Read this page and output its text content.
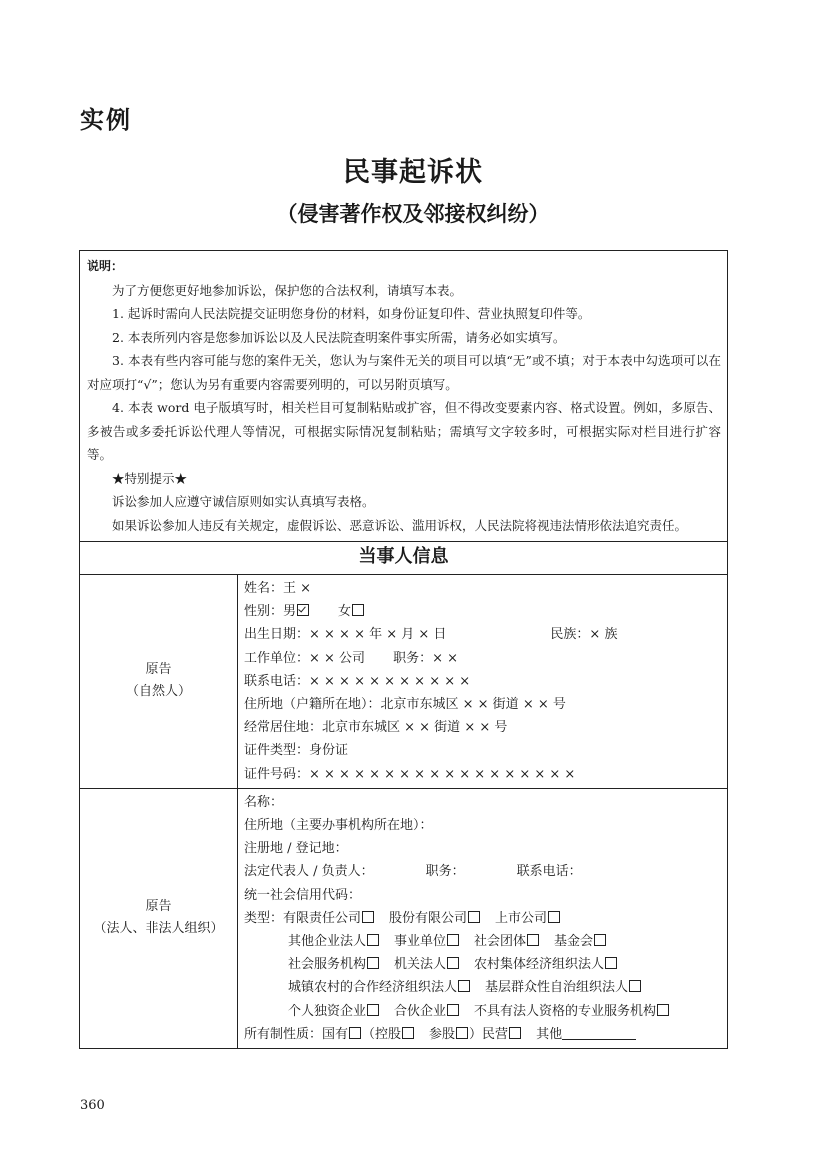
实例
民事起诉状
（侵害著作权及邻接权纠纷）
说明：

为了方便您更好地参加诉讼，保护您的合法权利，请填写本表。

1. 起诉时需向人民法院提交证明您身份的材料，如身份证复印件、营业执照复印件等。

2. 本表所列内容是您参加诉讼以及人民法院查明案件事实所需，请务必如实填写。

3. 本表有些内容可能与您的案件无关，您认为与案件无关的项目可以填“无”或不填；对于本表中勾选项可以在对应项打“√”；您认为另有重要内容需要列明的，可以另附页填写。

4. 本表 word 电子版填写时，相关栏目可复制粘贴或扩容，但不得改变要素内容、格式设置。例如，多原告、多被告或多委托诉讼代理人等情况，可根据实际情况复制粘贴；需填写文字较多时，可根据实际对栏目进行扩容等。

★特别提示★

诉讼参加人应遵守诚信原则如实认真填写表格。

如果诉讼参加人违反有关规定，虚假诉讼、恶意诉讼、滥用诉权，人民法院将视违法情形依法追究责任。

当事人信息
原告
（自然人）
姓名：王 ×
性别：男	女
出生日期：× × × × 年 × 月 × 日	民族：× 族
工作单位：× × 公司 职务：× ×
联系电话：× × × × × × × × × × ×
住所地（户籍所在地）：北京市东城区 × × 街道 × × 号
经常居住地：北京市东城区 × × 街道 × × 号
证件类型：身份证
证件号码：× × × × × × × × × × × × × × × × × ×
原告
（法人、非法人组织）
名称：
住所地（主要办事机构所在地）：
注册地 / 登记地：
法定代表人 / 负责人：	职务：	联系电话：
统一社会信用代码：
类型：有限责任公司 股份有限公司 上市公司
其他企业法人 事业单位 社会团体 基金会
社会服务机构 机关法人 农村集体经济组织法人
城镇农村的合作经济组织法人 基层群众性自治组织法人
个人独资企业 合伙企业 不具有法人资格的专业服务机构
所有制性质：国有 （控股 参股 ）民营 其他
360
